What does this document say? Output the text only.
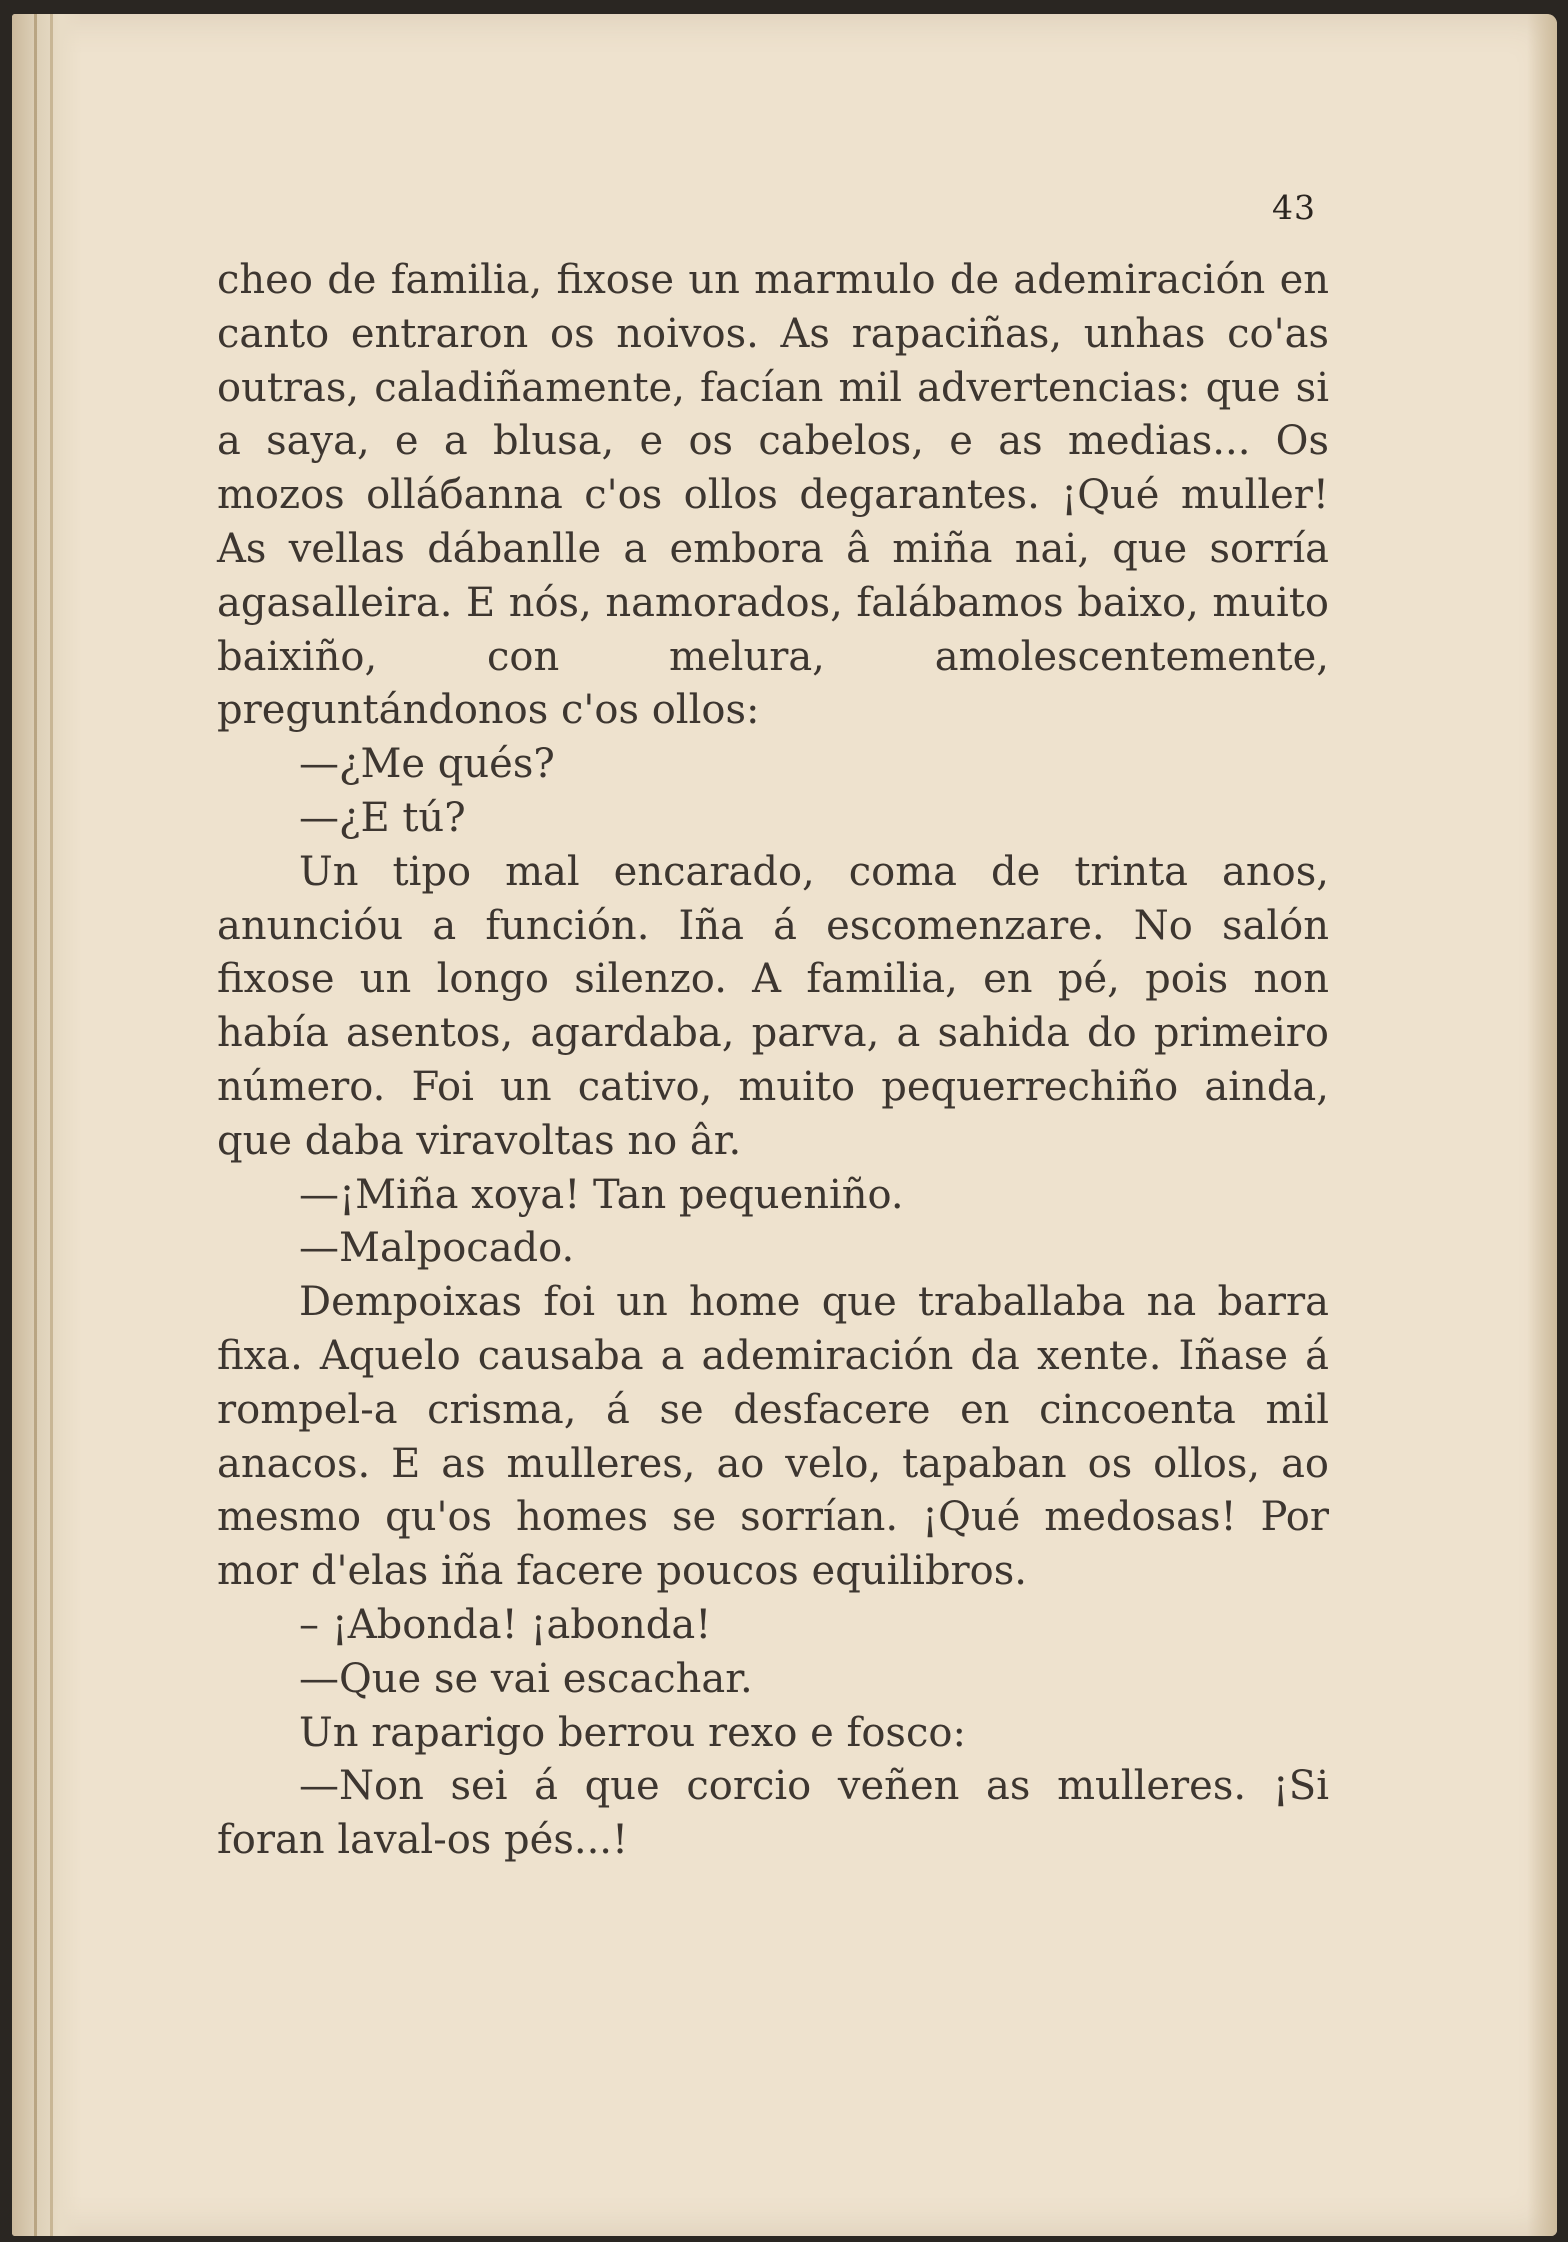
43

cheo de familia, fixose un marmulo de ademiración en canto entraron os noivos. As rapaciñas, unhas co'as outras, caladiñamente, facían mil advertencias: que si a saya, e a blusa, e os cabelos, e as medias... Os mozos olláбanna c'os ollos degarantes. ¡Qué muller! As vellas dábanlle a embora â miña nai, que sorría agasalleira. E nós, namorados, falábamos baixo, muito baixiño, con melura, amolescentemente, preguntándonos c'os ollos:

—¿Me qués?

—¿E tú?

Un tipo mal encarado, coma de trinta anos, anuncióu a función. Iña á escomenzare. No salón fixose un longo silenzo. A familia, en pé, pois non había asentos, agardaba, parva, a sahida do primeiro número. Foi un cativo, muito pequerrechiño ainda, que daba viravoltas no âr.

—¡Miña xoya! Tan pequeniño.

—Malpocado.

Dempoixas foi un home que traballaba na barra fixa. Aquelo causaba a ademiración da xente. Iñase á rompel-a crisma, á se desfacere en cincoenta mil anacos. E as mulleres, ao velo, tapaban os ollos, ao mesmo qu'os homes se sorrían. ¡Qué medosas! Por mor d'elas iña facere poucos equilibros.

– ¡Abonda! ¡abonda!

—Que se vai escachar.

Un raparigo berrou rexo e fosco:

—Non sei á que corcio veñen as mulleres. ¡Si foran laval-os pés...!
